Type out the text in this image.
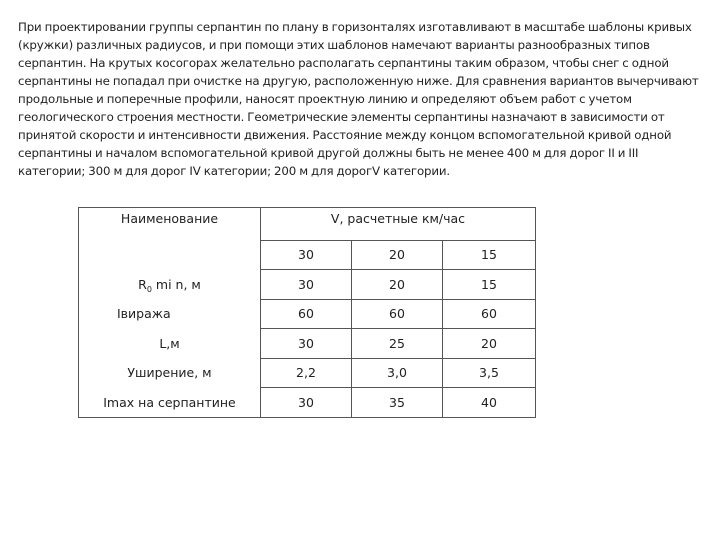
При проектировании группы серпантин по плану в горизонталях изготавливают в масштабе шаблоны кривых
(кружки) различных радиусов, и при помощи этих шаблонов намечают варианты разнообразных типов
серпантин. На крутых косогорах желательно располагать серпантины таким образом, чтобы снег с одной
серпантины не попадал при очистке на другую, расположенную ниже. Для сравнения вариантов вычерчивают
продольные и поперечные профили, наносят проектную линию и определяют объем работ с учетом
геологического строения местности. Геометрические элементы серпантины назначают в зависимости от
принятой скорости и интенсивности движения. Расстояние между концом вспомогательной кривой одной
серпантины и началом вспомогательной кривой другой должны быть не менее 400 м для дорог II и III
категории; 300 м для дорог IV категории; 200 м для дорогV категории.
Наименование	V, расчетные км/час		
	30	20	15
$R_0$ mi n, м	30	20	15
Iвиража	60	60	60
L,м	30	25	20
Уширение, м	2,2	3,0	3,5
Imax на серпантине	30	35	40
